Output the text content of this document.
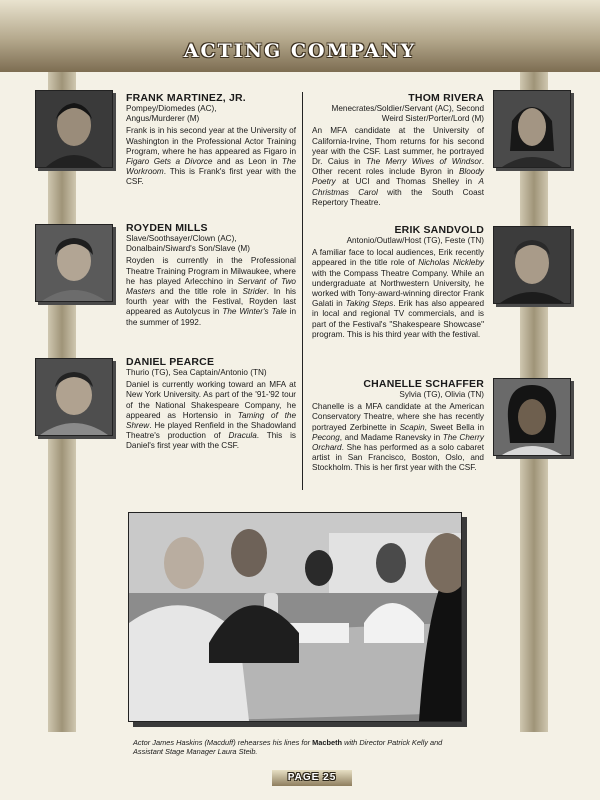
ACTING COMPANY
FRANK MARTINEZ, JR.
Pompey/Diomedes (AC),
Angus/Murderer (M)
Frank is in his second year at the University of Washington in the Professional Actor Training Program, where he has appeared as Figaro in Figaro Gets a Divorce and as Leon in The Workroom. This is Frank's first year with the CSF.
THOM RIVERA
Menecrates/Soldier/Servant (AC), Second
Weird Sister/Porter/Lord (M)
An MFA candidate at the University of California-Irvine, Thom returns for his second year with the CSF. Last summer, he portrayed Dr. Caius in The Merry Wives of Windsor. Other recent roles include Byron in Bloody Poetry at UCI and Thomas Shelley in A Christmas Carol with the South Coast Repertory Theatre.
ROYDEN MILLS
Slave/Soothsayer/Clown (AC),
Donalbain/Siward's Son/Slave (M)
Royden is currently in the Professional Theatre Training Program in Milwaukee, where he has played Arlecchino in Servant of Two Masters and the title role in Strider. In his fourth year with the Festival, Royden last appeared as Autolycus in The Winter's Tale in the summer of 1992.
ERIK SANDVOLD
Antonio/Outlaw/Host (TG), Feste (TN)
A familiar face to local audiences, Erik recently appeared in the title role of Nicholas Nickleby with the Compass Theatre Company. While an undergraduate at Northwestern University, he worked with Tony-award-winning director Frank Galati in Taking Steps. Erik has also appeared in local and regional TV commercials, and is part of the Festival's "Shakespeare Showcase" program. This is his third year with the festival.
DANIEL PEARCE
Thurio (TG), Sea Captain/Antonio (TN)
Daniel is currently working toward an MFA at New York University. As part of the '91-'92 tour of the National Shakespeare Company, he appeared as Hortensio in Taming of the Shrew. He played Renfield in the Shadowland Theatre's production of Dracula. This is Daniel's first year with the CSF.
CHANELLE SCHAFFER
Sylvia (TG), Olivia (TN)
Chanelle is a MFA candidate at the American Conservatory Theatre, where she has recently portrayed Zerbinette in Scapin, Sweet Bella in Pecong, and Madame Ranevsky in The Cherry Orchard. She has performed as a solo cabaret artist in San Francisco, Boston, Oslo, and Stockholm. This is her first year with the CSF.
Actor James Haskins (Macduff) rehearses his lines for Macbeth with Director Patrick Kelly and Assistant Stage Manager Laura Steib.
PAGE 25
